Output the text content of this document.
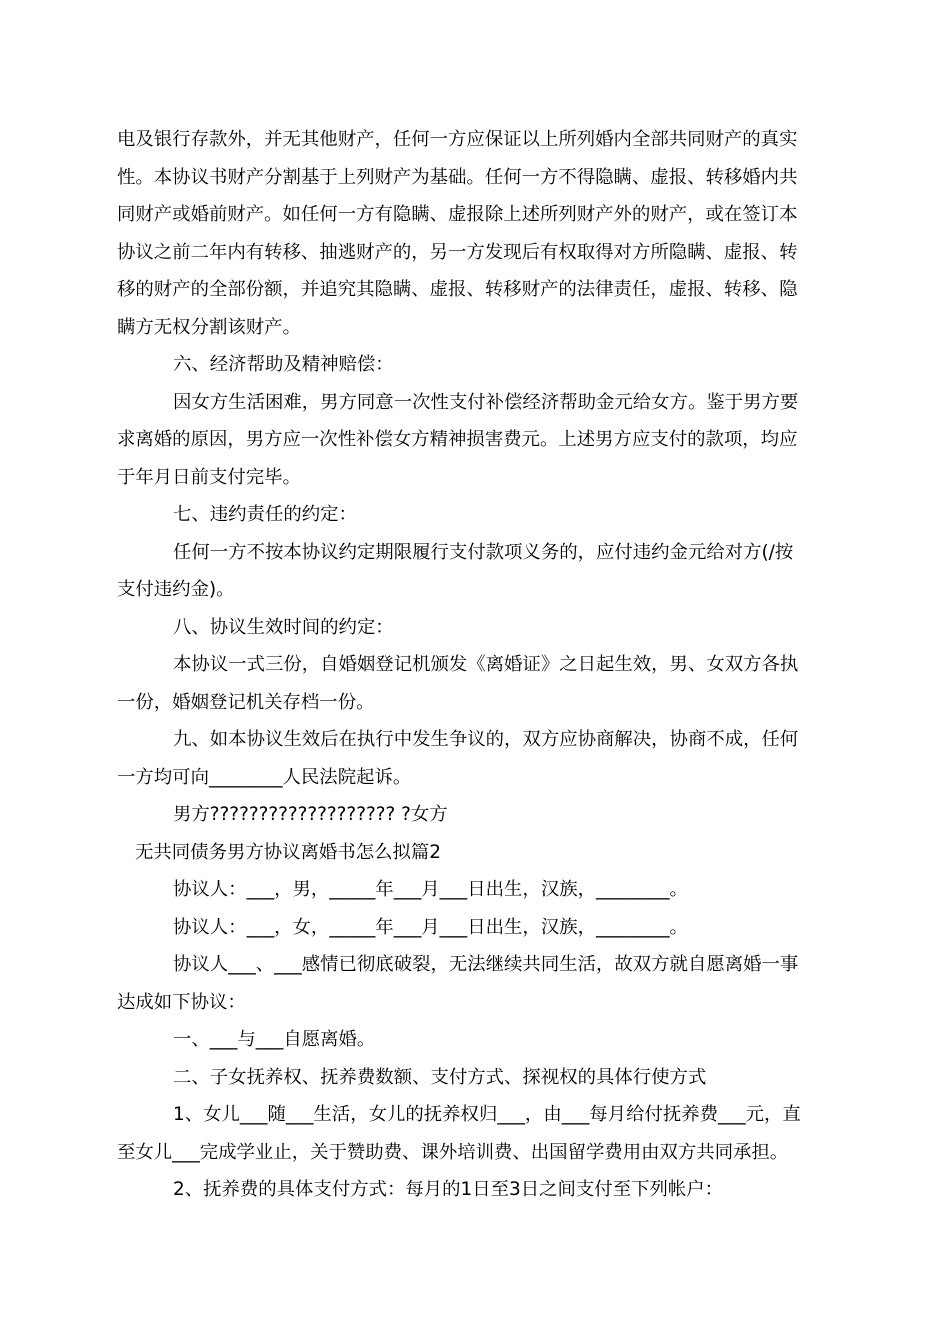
电及银行存款外，并无其他财产，任何一方应保证以上所列婚内全部共同财产的真实
性。本协议书财产分割基于上列财产为基础。任何一方不得隐瞒、虚报、转移婚内共
同财产或婚前财产。如任何一方有隐瞒、虚报除上述所列财产外的财产，或在签订本
协议之前二年内有转移、抽逃财产的，另一方发现后有权取得对方所隐瞒、虚报、转
移的财产的全部份额，并追究其隐瞒、虚报、转移财产的法律责任，虚报、转移、隐
瞒方无权分割该财产。
六、经济帮助及精神赔偿：
因女方生活困难，男方同意一次性支付补偿经济帮助金元给女方。鉴于男方要
求离婚的原因，男方应一次性补偿女方精神损害费元。上述男方应支付的款项，均应
于年月日前支付完毕。
七、违约责任的约定：
任何一方不按本协议约定期限履行支付款项义务的，应付违约金元给对方(/按
支付违约金)。
八、协议生效时间的约定：
本协议一式三份，自婚姻登记机颁发《离婚证》之日起生效，男、女双方各执
一份，婚姻登记机关存档一份。
九、如本协议生效后在执行中发生争议的，双方应协商解决，协商不成，任何
一方均可向________人民法院起诉。
男方??????????????????? ?女方
无共同债务男方协议离婚书怎么拟篇2
协议人：___，男，_____年___月___日出生，汉族，________。
协议人：___，女，_____年___月___日出生，汉族，________。
协议人___、___感情已彻底破裂，无法继续共同生活，故双方就自愿离婚一事
达成如下协议：
一、___与___自愿离婚。
二、子女抚养权、抚养费数额、支付方式、探视权的具体行使方式
1、女儿___随___生活，女儿的抚养权归___，由___每月给付抚养费___元，直
至女儿___完成学业止，关于赞助费、课外培训费、出国留学费用由双方共同承担。
2、抚养费的具体支付方式：每月的1日至3日之间支付至下列帐户：
